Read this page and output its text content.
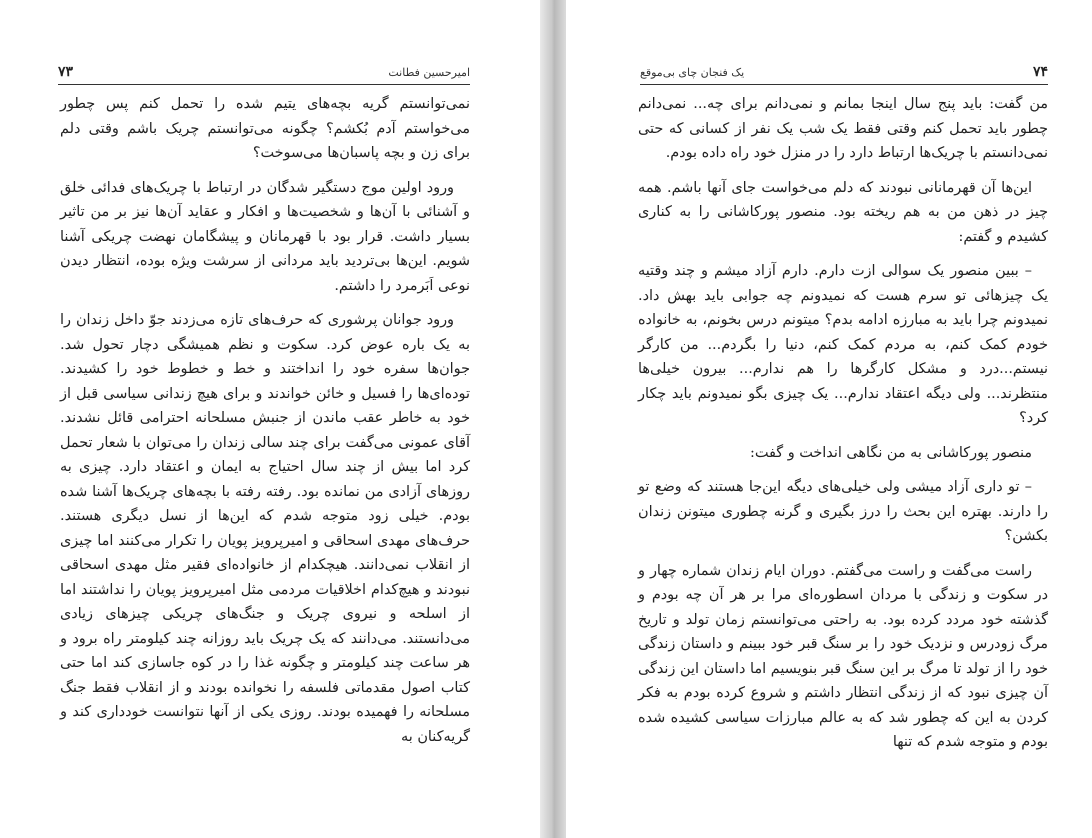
امیرحسین فطانت
۷۳

نمی‌توانستم گریه بچه‌های یتیم شده را تحمل کنم پس چطور می‌خواستم آدم بُکشم؟ چگونه می‌توانستم چریک باشم وقتی دلم برای زن و بچه پاسبان‌ها می‌سوخت؟

ورود اولین موج دستگیر شدگان در ارتباط با چریک‌های فدائی خلق و آشنائی با آن‌ها و شخصیت‌ها و افکار و عقاید آن‌ها نیز بر من تاثیر بسیار داشت. قرار بود با قهرمانان و پیشگامان نهضت چریکی آشنا شویم. این‌ها بی‌تردید باید مردانی از سرشت ویژه بوده، انتظار دیدن نوعی اَبَرمرد را داشتم.

ورود جوانان پرشوری که حرف‌های تازه می‌زدند جوّ داخل زندان را به یک باره عوض کرد. سکوت و نظم همیشگی دچار تحول شد. جوان‌ها سفره خود را انداختند و خط و خطوط خود را کشیدند. توده‌ای‌ها را فسیل و خائن خواندند و برای هیچ زندانی سیاسی قبل از خود به خاطر عقب ماندن از جنبش مسلحانه احترامی قائل نشدند. آقای عمونی می‌گفت برای چند سالی زندان را می‌توان با شعار تحمل کرد اما بیش از چند سال احتیاج به ایمان و اعتقاد دارد. چیزی به روزهای آزادی من نمانده بود. رفته رفته با بچه‌های چریک‌ها آشنا شده بودم. خیلی زود متوجه شدم که این‌ها از نسل دیگری هستند. حرف‌های مهدی اسحاقی و امیرپرویز پویان را تکرار می‌کنند اما چیزی از انقلاب نمی‌دانند. هیچکدام از خانواده‌ای فقیر مثل مهدی اسحاقی نبودند و هیچ‌کدام اخلاقیات مردمی مثل امیرپرویز پویان را نداشتند اما از اسلحه و نیروی چریک و جنگ‌های چریکی چیزهای زیادی می‌دانستند. می‌دانند که یک چریک باید روزانه چند کیلومتر راه برود و هر ساعت چند کیلومتر و چگونه غذا را در کوه جاسازی کند اما حتی کتاب اصول مقدماتی فلسفه را نخوانده بودند و از انقلاب فقط جنگ مسلحانه را فهمیده بودند. روزی یکی از آنها نتوانست خودداری کند و گریه‌کنان به

۷۴
یک فنجان چای بی‌موقع

من گفت: باید پنج سال اینجا بمانم و نمی‌دانم برای چه... نمی‌دانم چطور باید تحمل کنم وقتی فقط یک شب یک نفر از کسانی که حتی نمی‌دانستم با چریک‌ها ارتباط دارد را در منزل خود راه داده بودم.

این‌ها آن قهرمانانی نبودند که دلم می‌خواست جای آنها باشم. همه چیز در ذهن من به هم ریخته بود. منصور پورکاشانی را به کناری کشیدم و گفتم:

– ببین منصور یک سوالی ازت دارم. دارم آزاد میشم و چند وقتیه یک چیزهائی تو سرم هست که نمیدونم چه جوابی باید بهش داد. نمیدونم چرا باید به مبارزه ادامه بدم؟ میتونم درس بخونم، به خانواده خودم کمک کنم، به مردم کمک کنم، دنیا را بگردم... من کارگر نیستم...درد و مشکل کارگرها را هم ندارم... بیرون خیلی‌ها منتظرند... ولی دیگه اعتقاد ندارم... یک چیزی بگو نمیدونم باید چکار کرد؟

منصور پورکاشانی به من نگاهی انداخت و گفت:

– تو داری آزاد میشی ولی خیلی‌های دیگه این‌جا هستند که وضع تو را دارند. بهتره این بحث را درز بگیری و گرنه چطوری میتونن زندان بکشن؟

راست می‌گفت و راست می‌گفتم. دوران ایام زندان شماره چهار و در سکوت و زندگی با مردان اسطوره‌ای مرا بر هر آن چه بودم و گذشته خود مردد کرده بود. به راحتی می‌توانستم زمان تولد و تاریخ مرگ زودرس و نزدیک خود را بر سنگ قبر خود ببینم و داستان زندگی خود را از تولد تا مرگ بر این سنگ قبر بنویسیم اما داستان این زندگی آن چیزی نبود که از زندگی انتظار داشتم و شروع کرده بودم به فکر کردن به این که چطور شد که به عالم مبارزات سیاسی کشیده شده بودم و متوجه شدم که تنها
